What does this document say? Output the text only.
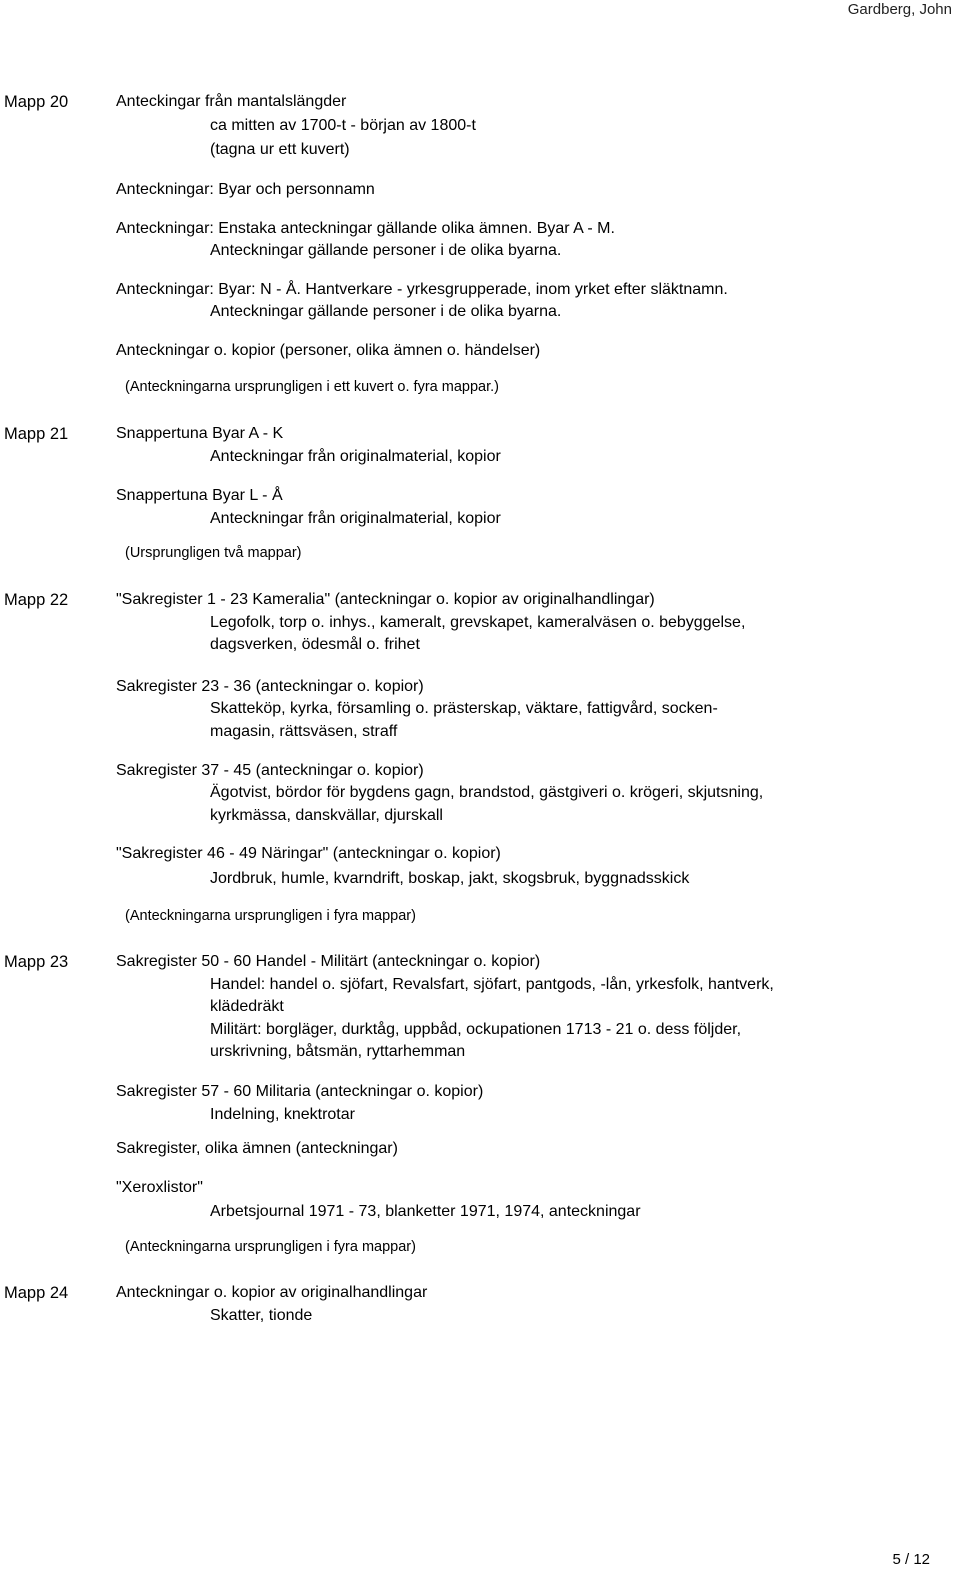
Gardberg, John
Mapp 20	Anteckingar från mantalslängder
ca mitten av 1700-t - början av 1800-t
(tagna ur ett kuvert)
Anteckningar: Byar och personnamn
Anteckningar: Enstaka anteckningar gällande olika ämnen. Byar A - M.
Anteckningar gällande personer i de olika byarna.
Anteckningar: Byar: N - Å. Hantverkare - yrkesgrupperade, inom yrket efter släktnamn.
Anteckningar gällande personer i de olika byarna.
Anteckningar o. kopior (personer, olika ämnen o. händelser)
(Anteckningarna ursprungligen i ett kuvert o. fyra mappar.)
Mapp 21	Snappertuna Byar A - K
Anteckningar från originalmaterial, kopior
Snappertuna Byar L - Å
Anteckningar från originalmaterial, kopior
(Ursprungligen två mappar)
Mapp 22	"Sakregister 1 - 23 Kameralia" (anteckningar o. kopior av originalhandlingar)
Legofolk, torp o. inhys., kameralt, grevskapet, kameralväsen o. bebyggelse,
dagsverken, ödesmål o. frihet
Sakregister 23 - 36 (anteckningar o. kopior)
Skatteköp, kyrka, församling o. prästerskap, väktare, fattigvård, socken-
magasin, rättsväsen, straff
Sakregister 37 - 45 (anteckningar o. kopior)
Ägotvist, bördor för bygdens gagn, brandstod, gästgiveri o. krögeri, skjutsning,
kyrkmässa, danskvällar, djurskall
"Sakregister 46 - 49 Näringar" (anteckningar o. kopior)
Jordbruk, humle, kvarndrift, boskap, jakt, skogsbruk, byggnadsskick
(Anteckningarna ursprungligen i fyra mappar)
Mapp 23	Sakregister 50 - 60 Handel - Militärt (anteckningar o. kopior)
Handel: handel o. sjöfart, Revalsfart, sjöfart, pantgods, -lån, yrkesfolk, hantverk,
klädedräkt
Militärt: borgläger, durktåg, uppbåd, ockupationen 1713 - 21 o. dess följder,
urskrivning, båtsmän, ryttarhemman
Sakregister 57 - 60 Militaria (anteckningar o. kopior)
Indelning, knektrotar
Sakregister, olika ämnen (anteckningar)
"Xeroxlistor"
Arbetsjournal 1971 - 73, blanketter 1971, 1974, anteckningar
(Anteckningarna ursprungligen i fyra mappar)
Mapp 24	Anteckningar o. kopior av originalhandlingar
Skatter, tionde
5 / 12
